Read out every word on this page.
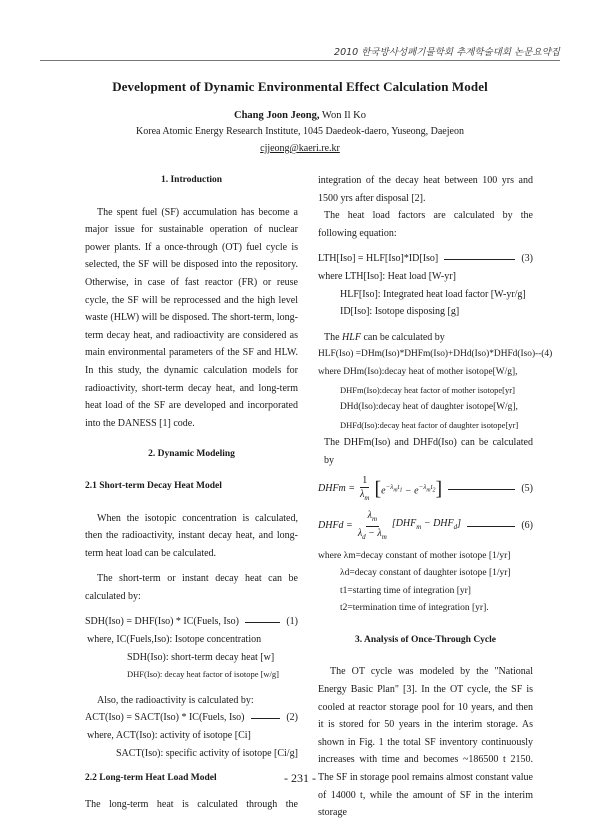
2010 한국방사성폐기물학회 추계학술대회 논문요약집
Development of Dynamic Environmental Effect Calculation Model
Chang Joon Jeong, Won Il Ko
Korea Atomic Energy Research Institute, 1045 Daedeok-daero, Yuseong, Daejeon
cjjeong@kaeri.re.kr

1. Introduction

The spent fuel (SF) accumulation has become a major issue for sustainable operation of nuclear power plants. If a once-through (OT) fuel cycle is selected, the SF will be disposed into the repository. Otherwise, in case of fast reactor (FR) or reuse cycle, the SF will be reprocessed and the high level waste (HLW) will be disposed. The short-term, long-term decay heat, and radioactivity are considered as main environmental parameters of the SF and HLW. In this study, the dynamic calculation models for radioactivity, short-term decay heat, and long-term heat load of the SF are developed and incorporated into the DANESS [1] code.

2. Dynamic Modeling

2.1 Short-term Decay Heat Model

When the isotopic concentration is calculated, then the radioactivity, instant decay heat, and long-term heat load can be calculated.

The short-term or instant decay heat can be calculated by:

SDH(Iso) = DHF(Iso) * IC(Fuels, Iso)	(1)
where, IC(Fuels,Iso): Isotope concentration
SDH(Iso): short-term decay heat [w]
DHF(Iso): decay heat factor of isotope [w/g]

Also, the radioactivity is calculated by:

ACT(Iso) = SACT(Iso) * IC(Fuels, Iso)	(2)
where, ACT(Iso): activity of isotope [Ci]
SACT(Iso): specific activity of isotope [Ci/g]

2.2 Long-term Heat Load Model

The long-term heat is calculated through the

integration of the decay heat between 100 yrs and 1500 yrs after disposal [2].

The heat load factors are calculated by the following equation:

LTH[Iso] = HLF[Iso]*ID[Iso]	(3)
where LTH[Iso]: Heat load [W-yr]
HLF[Iso]: Integrated heat load factor [W-yr/g]
ID[Iso]: Isotope disposing [g]

The HLF can be calculated by

HLF(Iso) =DHm(Iso)*DHFm(Iso)+DHd(Iso)*DHFd(Iso)--(4)
where DHm(Iso):decay heat of mother isotope[W/g],
DHFm(Iso):decay heat factor of mother isotope[yr]
DHd(Iso):decay heat of daughter isotope[W/g],
DHFd(Iso):decay heat factor of daughter isotope[yr]

The DHFm(Iso) and DHFd(Iso) can be calculated by

DHFm = $\frac{1}{\lambda_m}$ [ $e^{-\lambda_mt_1} - e^{-\lambda_mt_2}$ ]	(5)
DHFd = $\frac{\lambda_m}{\lambda_d - \lambda_m} [DHF_m - DHF_d]$	(6)
where λm=decay constant of mother isotope [1/yr]
λd=decay constant of daughter isotope [1/yr]
t1=starting time of integration [yr]
t2=termination time of integration [yr].

3. Analysis of Once-Through Cycle

The OT cycle was modeled by the "National Energy Basic Plan" [3]. In the OT cycle, the SF is cooled at reactor storage pool for 10 years, and then it is stored for 50 years in the interim storage. As shown in Fig. 1 the total SF inventory continuously increases with time and becomes ~186500 t 2150. The SF in storage pool remains almost constant value of 14000 t, while the amount of SF in the interim storage

- 231 -
